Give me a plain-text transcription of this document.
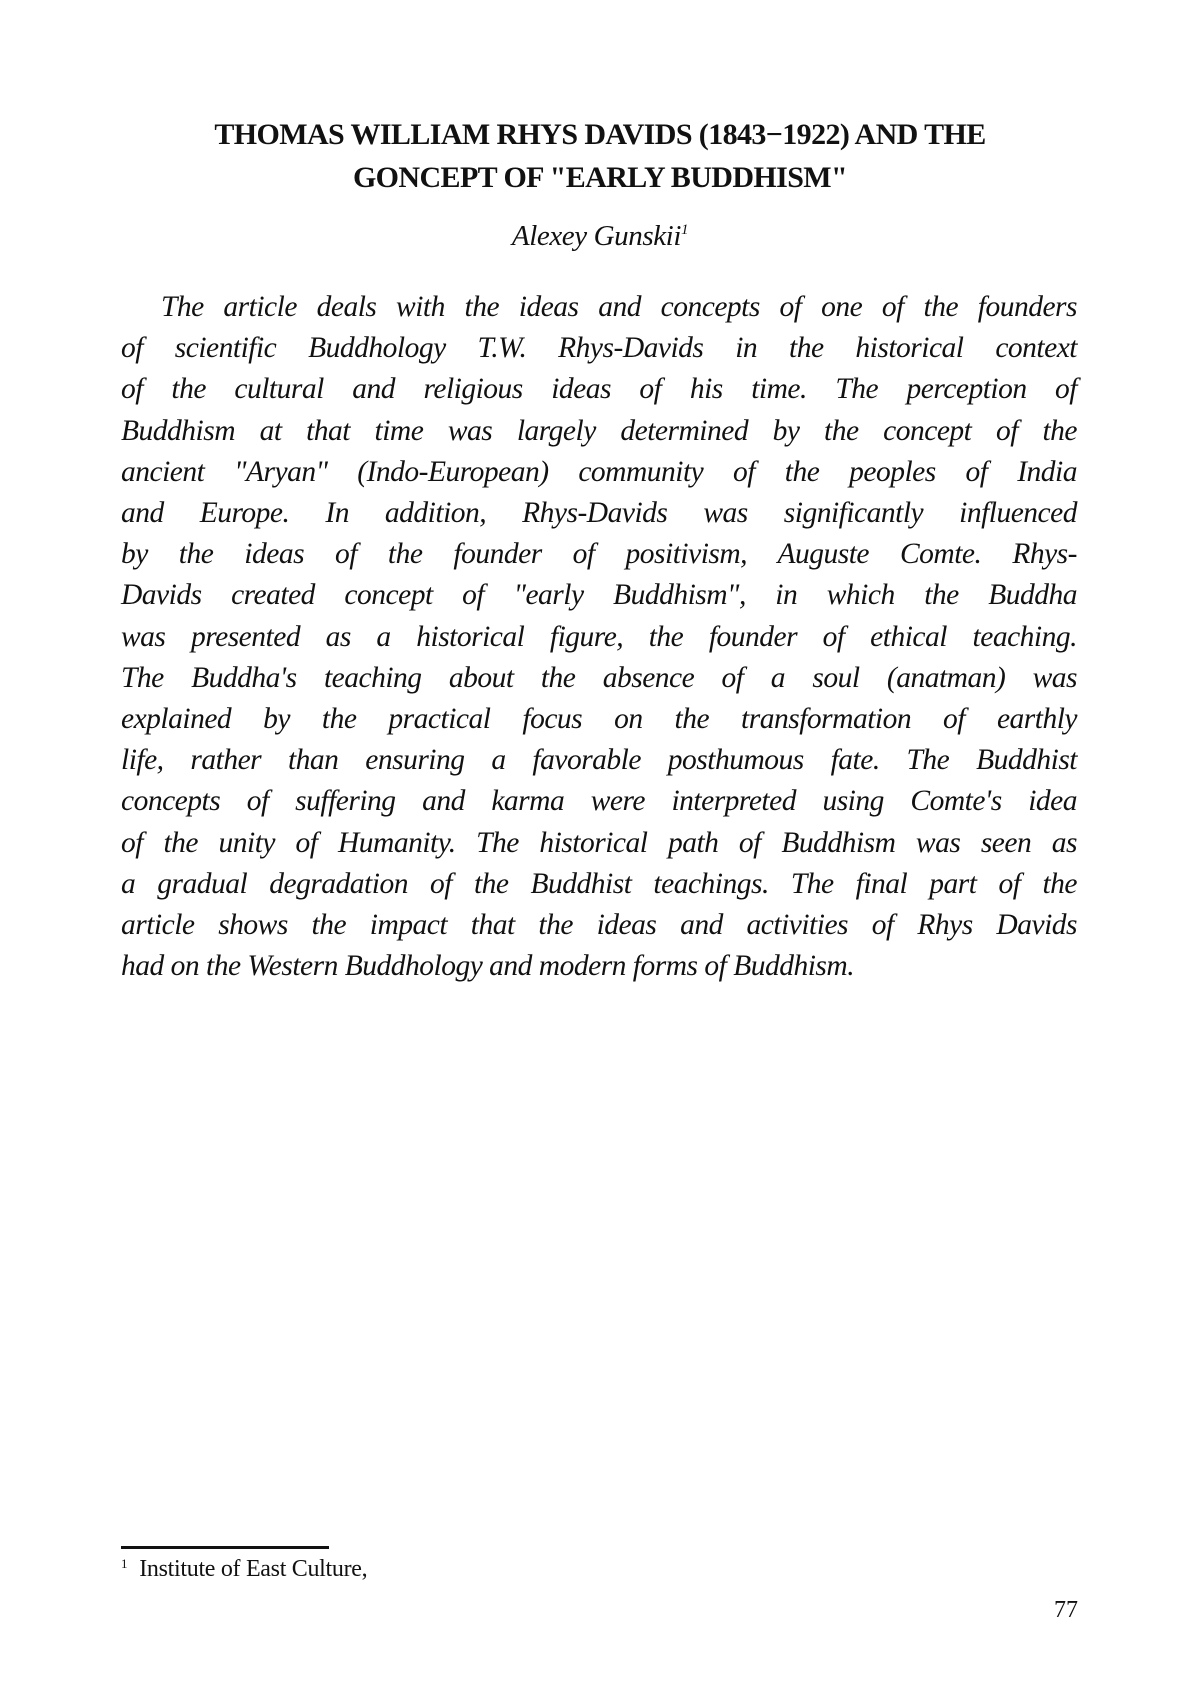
THOMAS WILLIAM RHYS DAVIDS (1843−1922) AND THE
GONCEPT OF "EARLY BUDDHISM"
Alexey Gunskii1
The article deals with the ideas and concepts of one of the founders
of scientific Buddhology T.W. Rhys-Davids in the historical context
of the cultural and religious ideas of his time. The perception of
Buddhism at that time was largely determined by the concept of the
ancient "Aryan" (Indo-European) community of the peoples of India
and Europe. In addition, Rhys-Davids was significantly influenced
by the ideas of the founder of positivism, Auguste Comte. Rhys-
Davids created concept of "early Buddhism", in which the Buddha
was presented as a historical figure, the founder of ethical teaching.
The Buddha's teaching about the absence of a soul (anatman) was
explained by the practical focus on the transformation of earthly
life, rather than ensuring a favorable posthumous fate. The Buddhist
concepts of suffering and karma were interpreted using Comte's idea
of the unity of Humanity. The historical path of Buddhism was seen as
a gradual degradation of the Buddhist teachings. The final part of the
article shows the impact that the ideas and activities of Rhys Davids
had on the Western Buddhology and modern forms of Buddhism.
1 Institute of East Culture,
77
